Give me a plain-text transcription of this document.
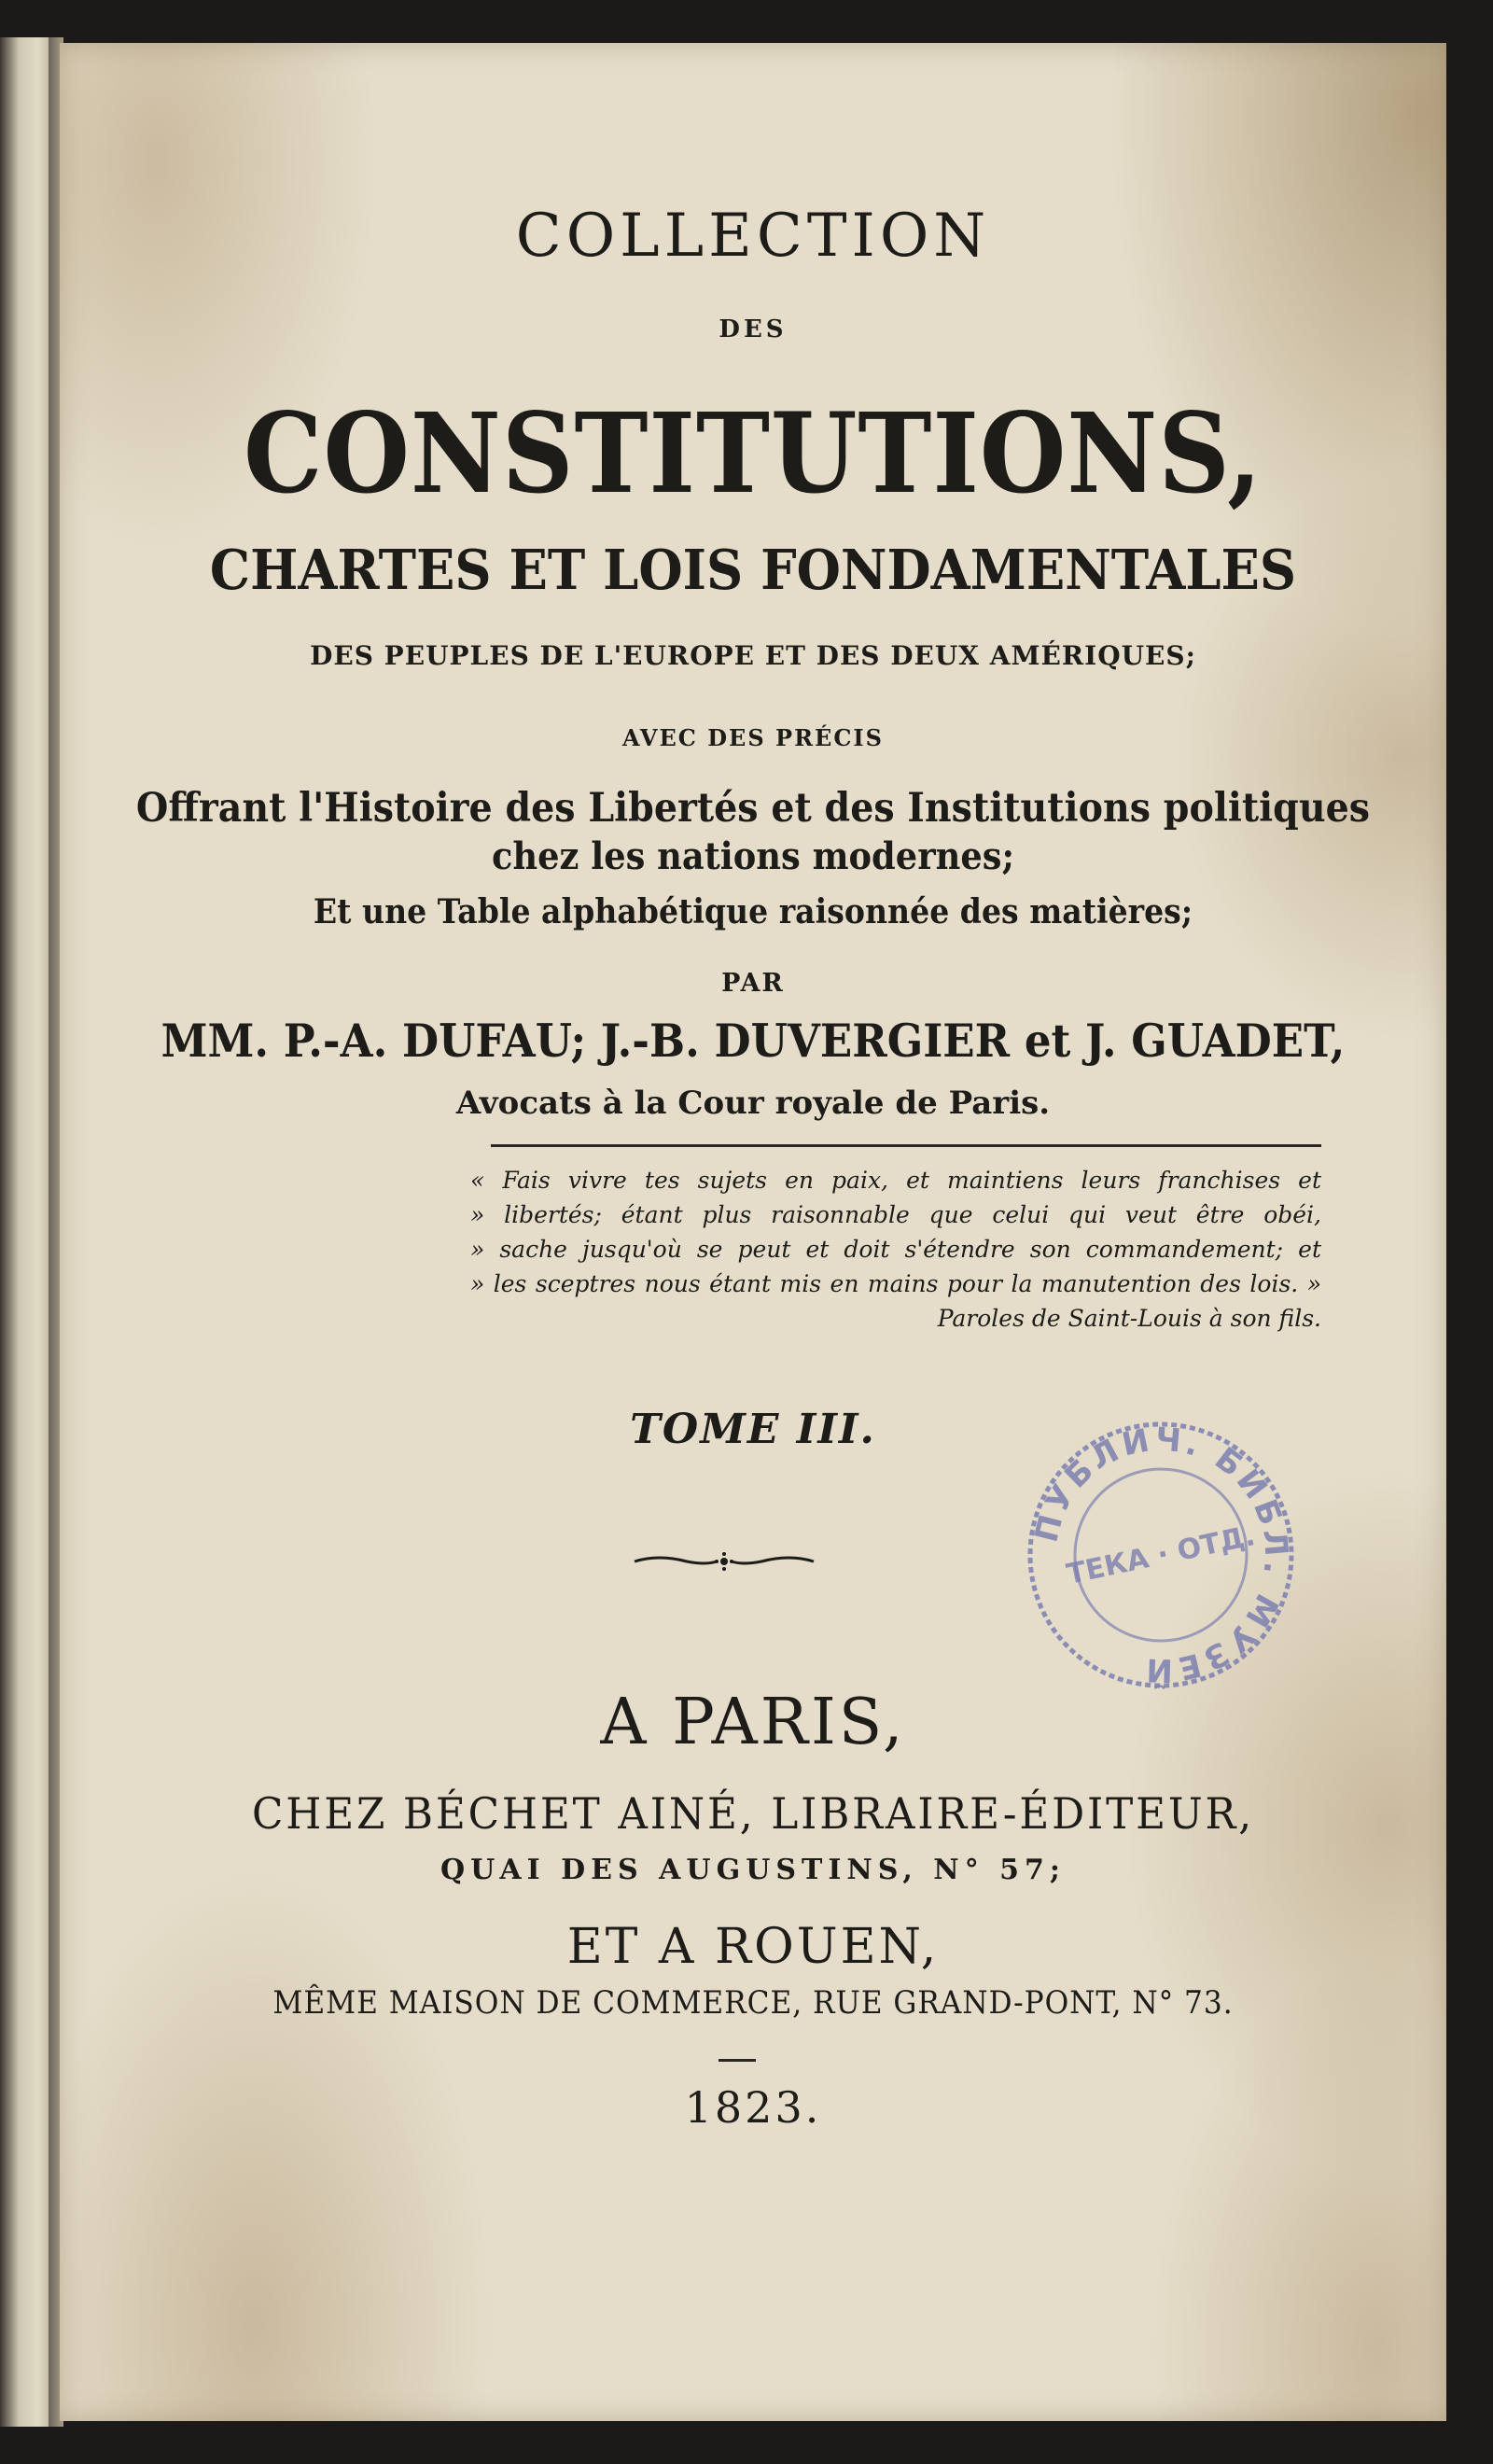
COLLECTION
DES
CONSTITUTIONS,
CHARTES ET LOIS FONDAMENTALES
DES PEUPLES DE L'EUROPE ET DES DEUX AMÉRIQUES;
AVEC DES PRÉCIS
Offrant l'Histoire des Libertés et des Institutions politiques
chez les nations modernes;
Et une Table alphabétique raisonnée des matières;
PAR
MM. P.-A. DUFAU; J.-B. DUVERGIER et J. GUADET,
Avocats à la Cour royale de Paris.
« Fais vivre tes sujets en paix, et maintiens leurs franchises et
» libertés; étant plus raisonnable que celui qui veut être obéi,
» sache jusqu'où se peut et doit s'étendre son commandement; et
» les sceptres nous étant mis en mains pour la manutention des lois. »
Paroles de Saint-Louis à son fils.
TOME III.
ПУБЛИЧ. БИБЛ. МУЗЕЙ
ТЕКА · ОТД.
A PARIS,
CHEZ BÉCHET AINÉ, LIBRAIRE-ÉDITEUR,
QUAI DES AUGUSTINS, N° 57;
ET A ROUEN,
MÊME MAISON DE COMMERCE, RUE GRAND-PONT, N° 73.
1823.
